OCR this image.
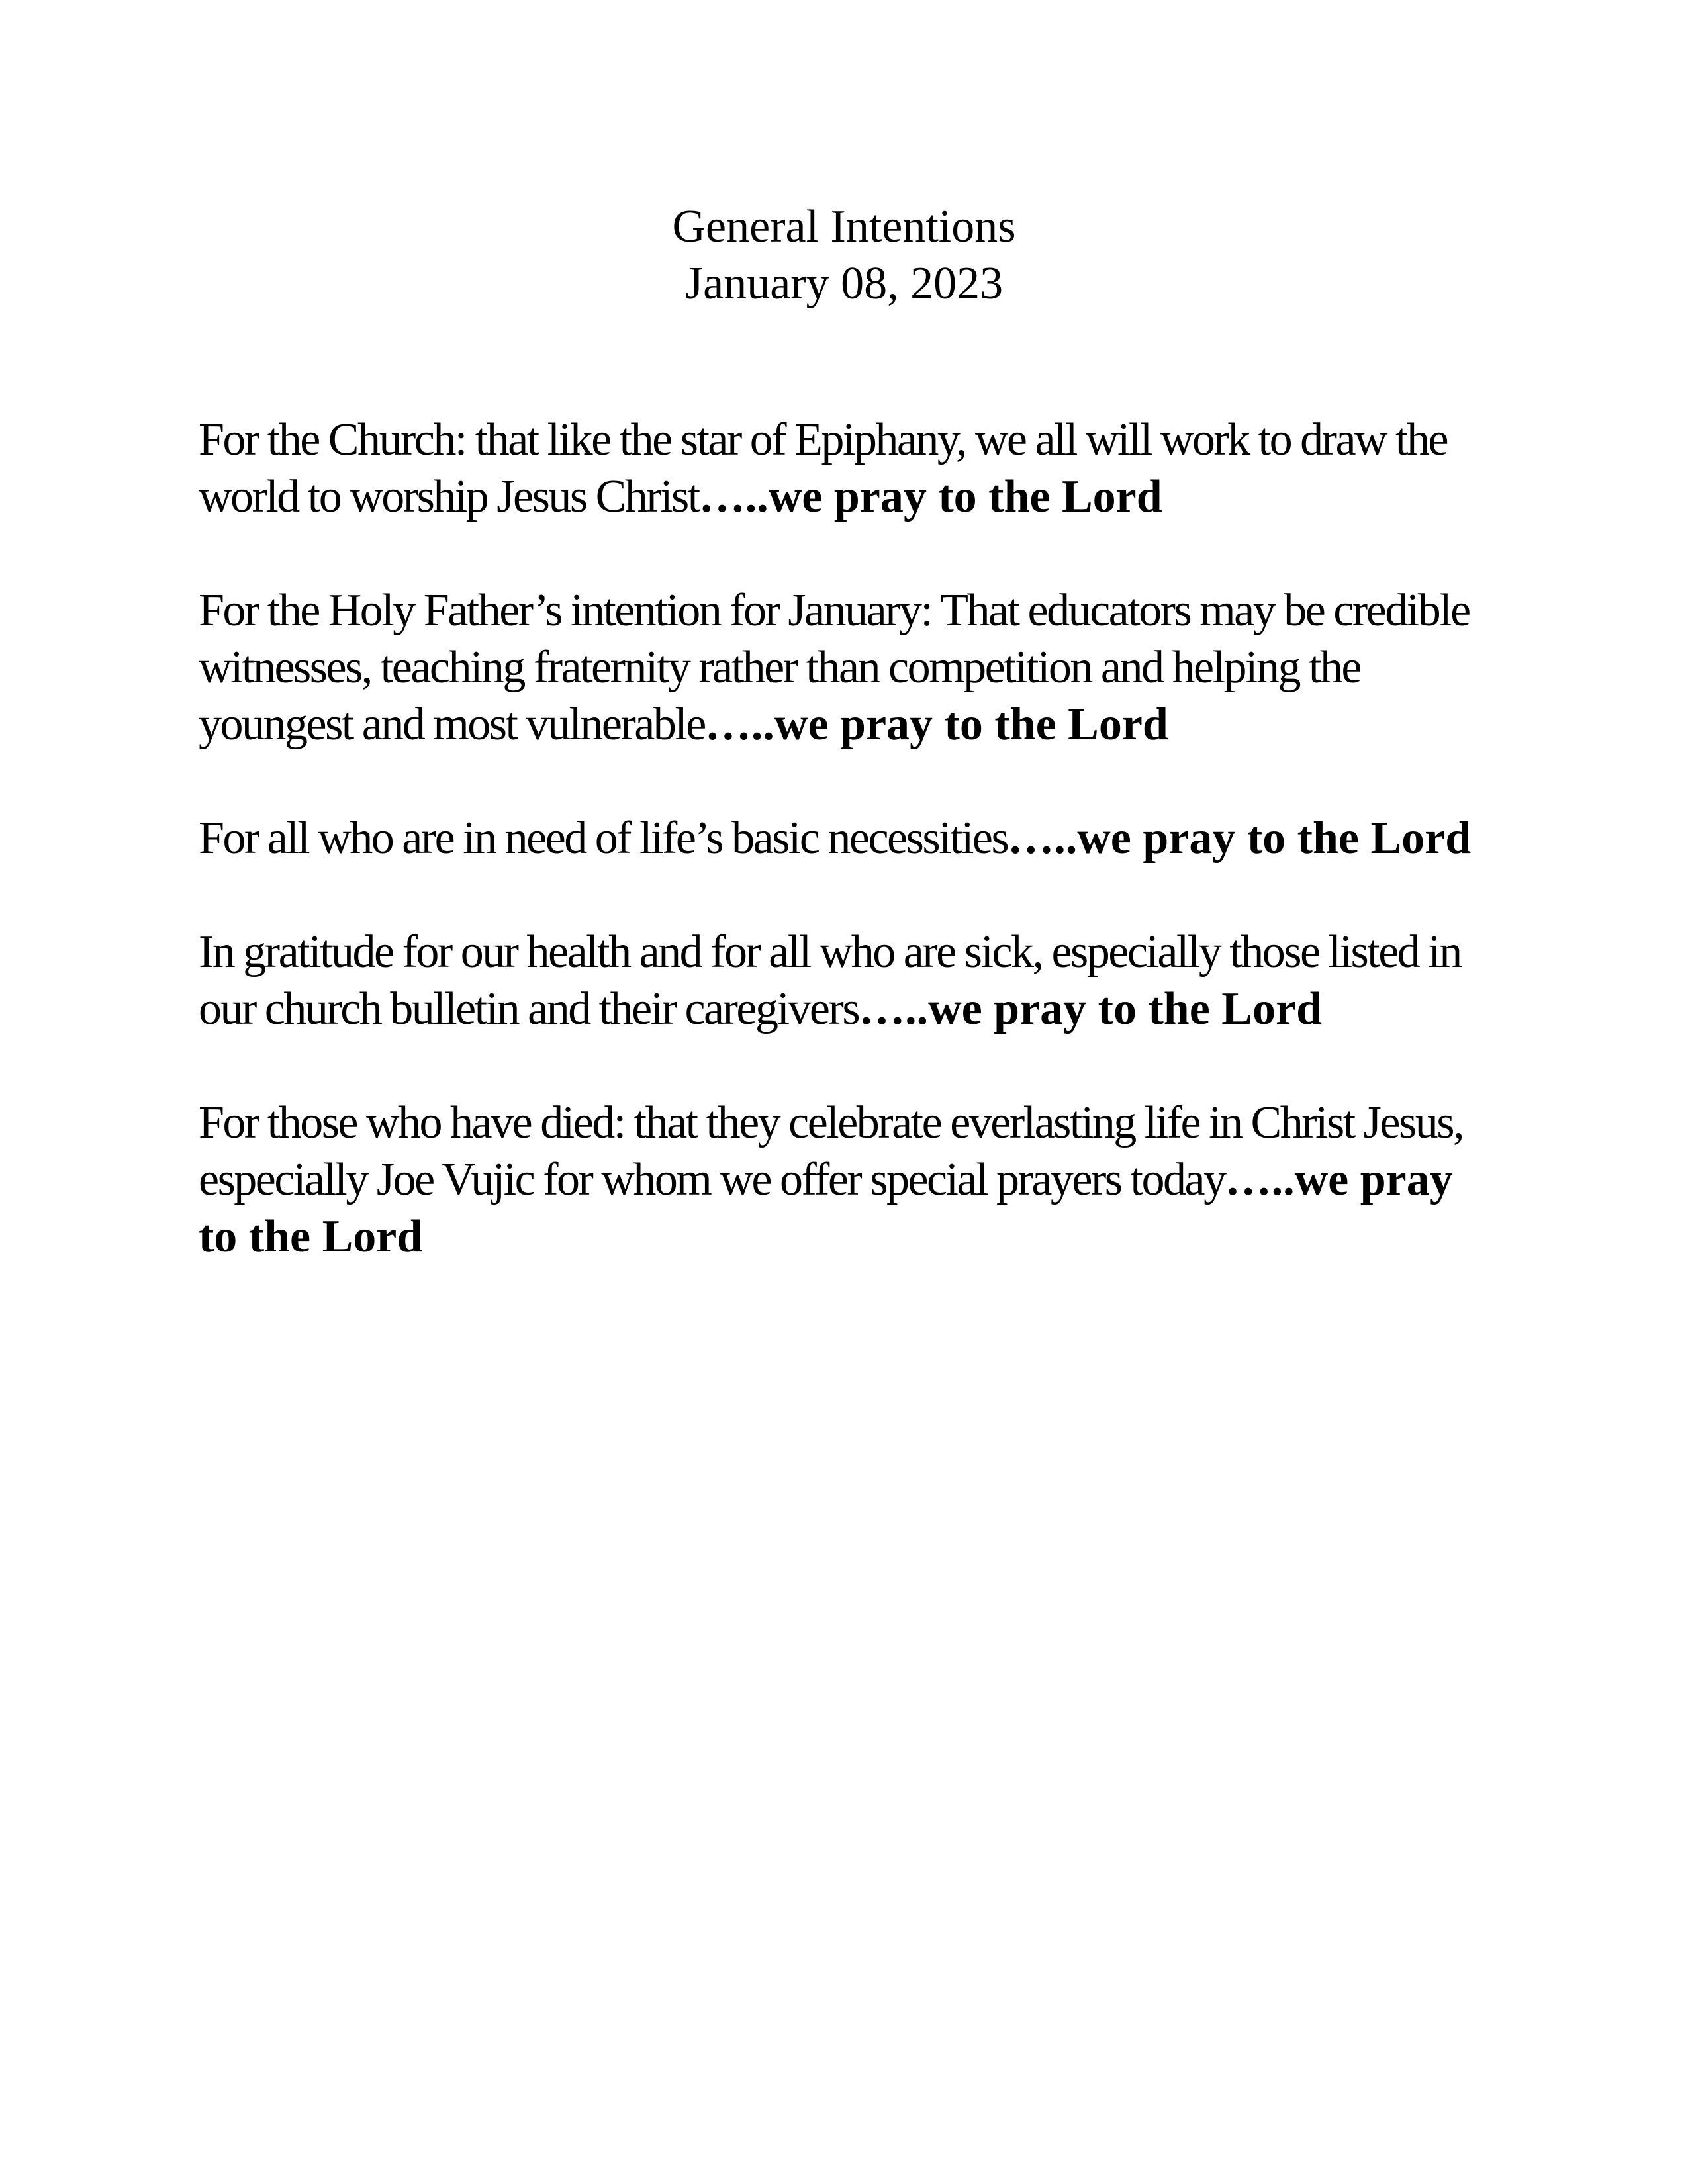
General Intentions
January 08, 2023

For the Church: that like the star of Epiphany, we all will work to draw the world to worship Jesus Christ…..we pray to the Lord

For the Holy Father’s intention for January: That educators may be credible witnesses, teaching fraternity rather than competition and helping the youngest and most vulnerable…..we pray to the Lord

For all who are in need of life’s basic necessities…..we pray to the Lord

In gratitude for our health and for all who are sick, especially those listed in our church bulletin and their caregivers…..we pray to the Lord

For those who have died: that they celebrate everlasting life in Christ Jesus, especially Joe Vujic for whom we offer special prayers today…..we pray to the Lord
